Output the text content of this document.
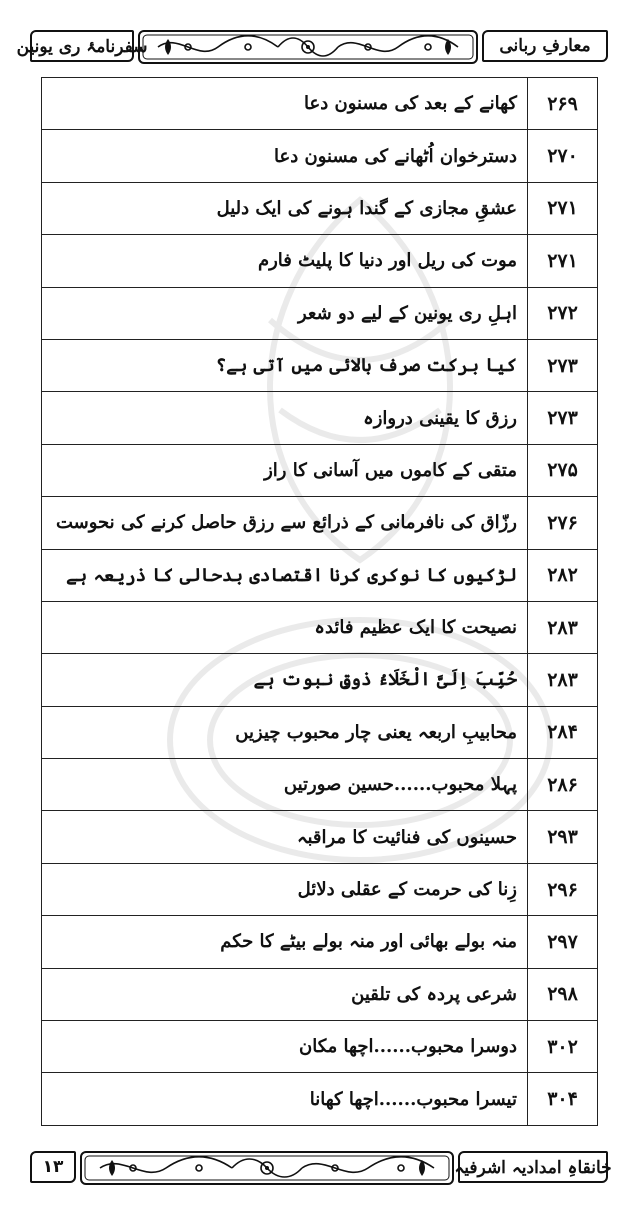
سفرنامۂ ری یونین	معارفِ ربانی
۲۶۹	کھانے کے بعد کی مسنون دعا
۲۷۰	دسترخوان اُٹھانے کی مسنون دعا
۲۷۱	عشقِ مجازی کے گندا ہونے کی ایک دلیل
۲۷۱	موت کی ریل اور دنیا کا پلیٹ فارم
۲۷۲	اہلِ ری یونین کے لیے دو شعر
۲۷۳	کیا برکت صرف بالائی میں آتی ہے؟
۲۷۳	رزق کا یقینی دروازہ
۲۷۵	متقی کے کاموں میں آسانی کا راز
۲۷۶	رزّاق کی نافرمانی کے ذرائع سے رزق حاصل کرنے کی نحوست
۲۸۲	لڑکیوں کا نوکری کرنا اقتصادی بدحالی کا ذریعہ ہے
۲۸۳	نصیحت کا ایک عظیم فائدہ
۲۸۳	حُبِّبَ اِلَیَّ الْخَلَاءُ ذوقِ نبوت ہے
۲۸۴	محابیبِ اربعہ یعنی چار محبوب چیزیں
۲۸۶	پہلا محبوب......حسین صورتیں
۲۹۳	حسینوں کی فنائیت کا مراقبہ
۲۹۶	زِنا کی حرمت کے عقلی دلائل
۲۹۷	منہ بولے بھائی اور منہ بولے بیٹے کا حکم
۲۹۸	شرعی پردہ کی تلقین
۳۰۲	دوسرا محبوب......اچھا مکان
۳۰۴	تیسرا محبوب......اچھا کھانا
۱۳	خانقاہِ امدادیہ اشرفیہ
